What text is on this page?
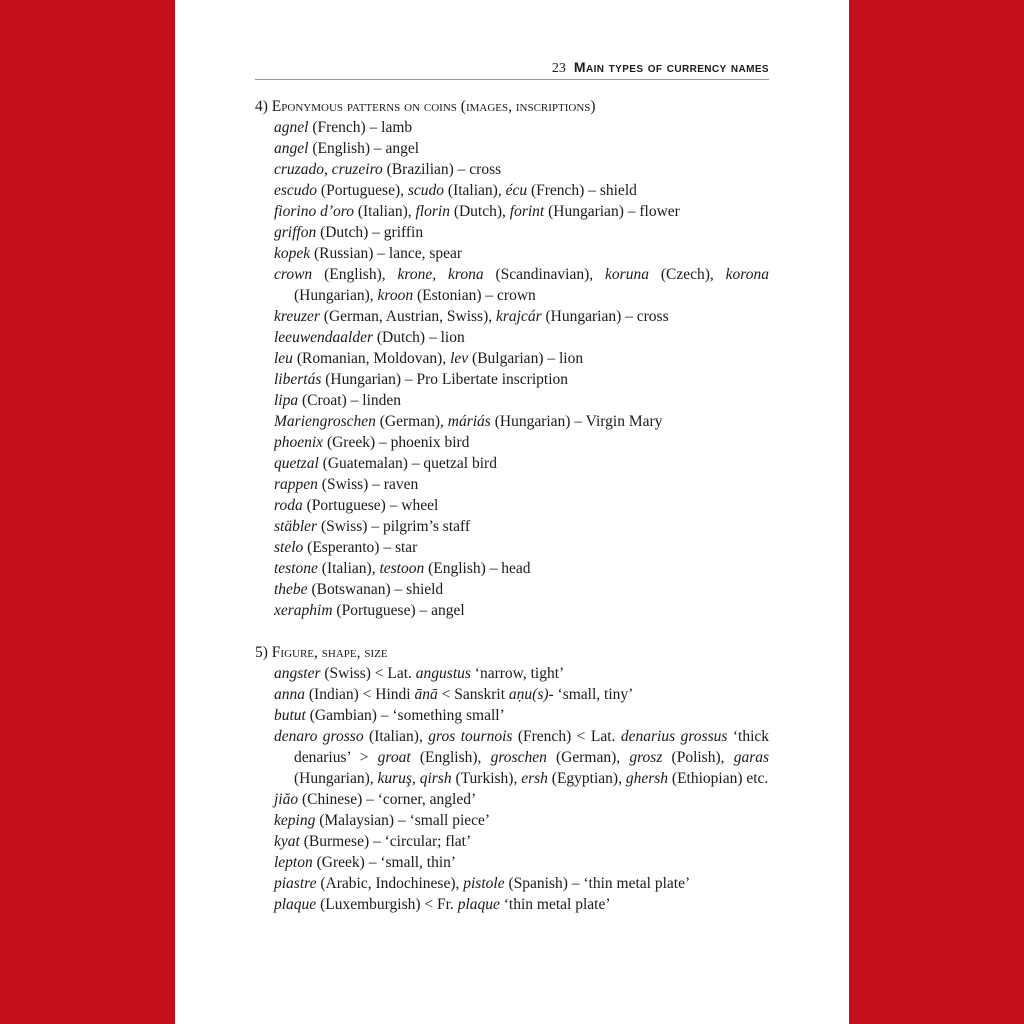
23 Main types of currency names
4) Eponymous patterns on coins (images, inscriptions)
agnel (French) – lamb
angel (English) – angel
cruzado, cruzeiro (Brazilian) – cross
escudo (Portuguese), scudo (Italian), écu (French) – shield
fiorino d’oro (Italian), florin (Dutch), forint (Hungarian) – flower
griffon (Dutch) – griffin
kopek (Russian) – lance, spear
crown (English), krone, krona (Scandinavian), koruna (Czech), korona (Hungarian), kroon (Estonian) – crown
kreuzer (German, Austrian, Swiss), krajcár (Hungarian) – cross
leeuwendaalder (Dutch) – lion
leu (Romanian, Moldovan), lev (Bulgarian) – lion
libertás (Hungarian) – Pro Libertate inscription
lipa (Croat) – linden
Mariengroschen (German), máriás (Hungarian) – Virgin Mary
phoenix (Greek) – phoenix bird
quetzal (Guatemalan) – quetzal bird
rappen (Swiss) – raven
roda (Portuguese) – wheel
stäbler (Swiss) – pilgrim’s staff
stelo (Esperanto) – star
testone (Italian), testoon (English) – head
thebe (Botswanan) – shield
xeraphim (Portuguese) – angel
5) Figure, shape, size
angster (Swiss) < Lat. angustus ‘narrow, tight’
anna (Indian) < Hindi ānā < Sanskrit aṇu(s)- ‘small, tiny’
butut (Gambian) – ‘something small’
denaro grosso (Italian), gros tournois (French) < Lat. denarius grossus ‘thick denarius’ > groat (English), groschen (German), grosz (Polish), garas (Hungarian), kuruş, qirsh (Turkish), ersh (Egyptian), ghersh (Ethiopian) etc.
jiăo (Chinese) – ‘corner, angled’
keping (Malaysian) – ‘small piece’
kyat (Burmese) – ‘circular; flat’
lepton (Greek) – ‘small, thin’
piastre (Arabic, Indochinese), pistole (Spanish) – ‘thin metal plate’
plaque (Luxemburgish) < Fr. plaque ‘thin metal plate’
